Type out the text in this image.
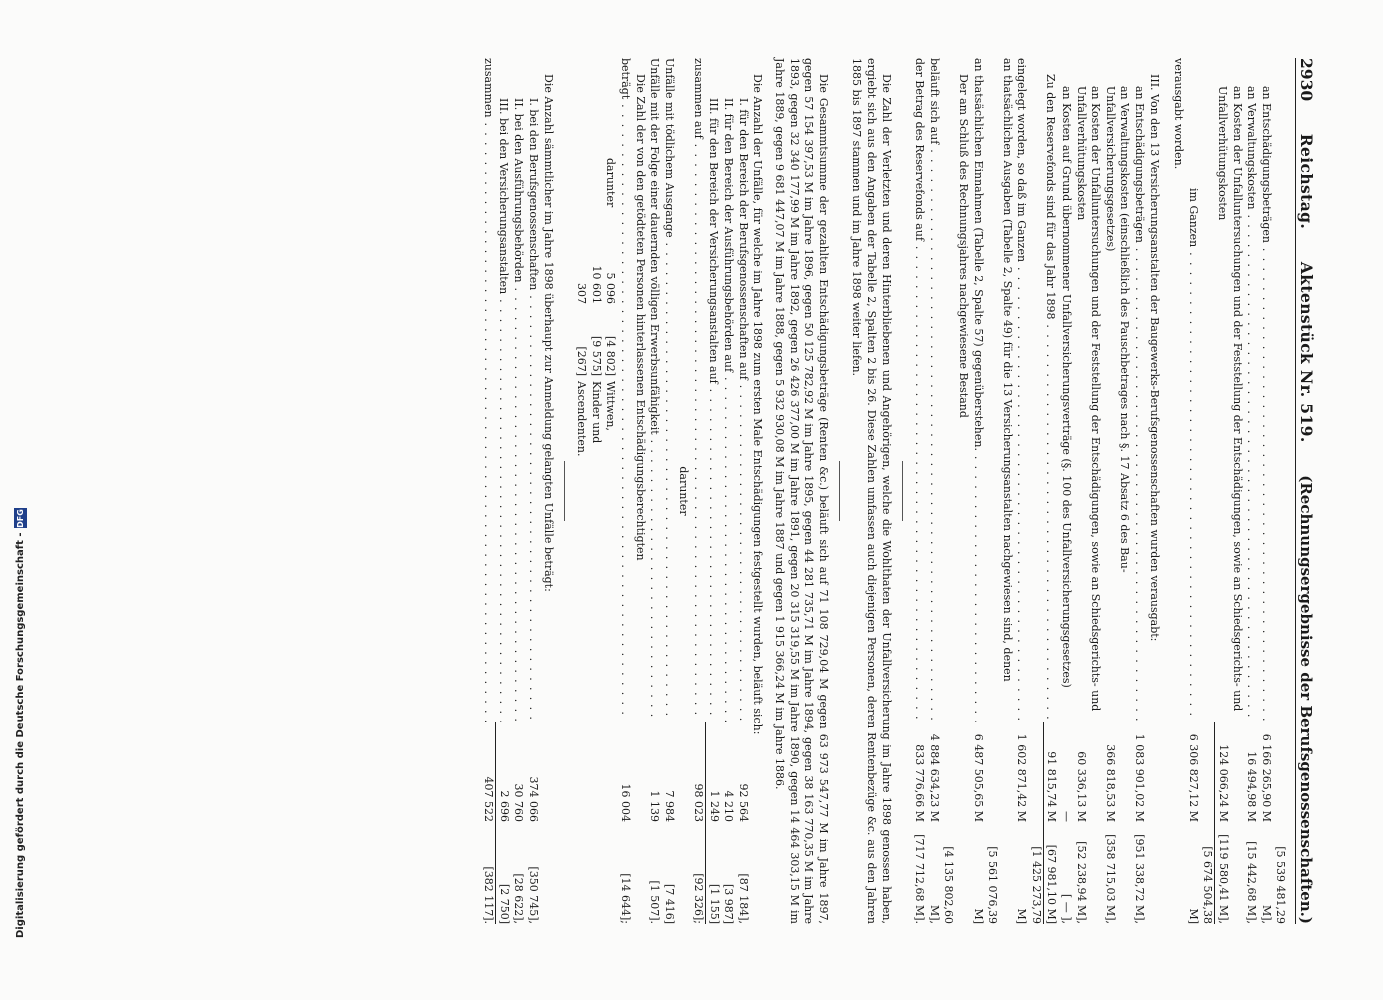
2930
Reichstag.
Aktenstück Nr. 519.
(Rechnungsergebnisse der Berufsgenossenschaften.)
an Entschädigungsbeträgen . . .
6 166 265,90 M
[5 539 481,29 M],
an Verwaltungskosten . . .
16 494,98 M
[15 442,68 M],
an Kosten der Unfalluntersuchungen und der Feststellung der Entschädigungen, sowie an Schiedsgerichts- und Unfallverhütungskosten
124 066,24 M
[119 580,41 M],
im Ganzen . . .
6 306 827,12 M
[5 674 504,38 M]
verausgabt worden.

III. Von den 13 Versicherungsanstalten der Baugewerks-Berufsgenossenschaften wurden verausgabt:

an Entschädigungsbeträgen . . .
1 083 901,02 M
[951 338,72 M],
an Verwaltungskosten (einschließlich des Pauschbetrages nach §. 17 Absatz 6 des Bau-Unfallversicherungsgesetzes)
366 818,53 M
[358 715,03 M],
an Kosten der Unfalluntersuchungen und der Feststellung der Entschädigungen, sowie an Schiedsgerichts- und Unfallverhütungskosten
60 336,13 M
[52 238,94 M],
an Kosten auf Grund übernommener Unfallversicherungsverträge (§. 100 des Unfallversicherungsgesetzes)
—
[ — ],
Zu den Reservefonds sind für das Jahr 1898 . . .
91 815,74 M
[67 981,10 M]
eingelegt worden, so daß im Ganzen . . .
1 602 871,42 M
[1 425 273,79 M]
an thatsächlichen Ausgaben (Tabelle 2, Spalte 49) für die 13 Versicherungsanstalten nachgewiesen sind, denen
an thatsächlichen Einnahmen (Tabelle 2, Spalte 57) gegenüberstehen. . . .
6 487 505,65 M
[5 561 076,39 M]
Der am Schluß des Rechnungsjahres nachgewiesene Bestand
beläuft sich auf . . .
4 884 634,23 M
[4 135 802,60 M],
der Betrag des Reservefonds auf . . .
833 776,66 M
[717 712,68 M].

Die Zahl der Verletzten und deren Hinterbliebenen und Angehörigen, welche die Wohlthaten der Unfallversicherung im Jahre 1898 genossen haben, ergiebt sich aus den Angaben der Tabelle 2, Spalten 2 bis 26. Diese Zahlen umfassen auch diejenigen Personen, deren Rentenbezüge &c. aus den Jahren 1885 bis 1897 stammen und im Jahre 1898 weiter liefen.

Die Gesammtsumme der gezahlten Entschädigungsbeträge (Renten &c.) beläuft sich auf 71 108 729,04 M gegen 63 973 547,77 M im Jahre 1897, gegen 57 154 397,53 M im Jahre 1896, gegen 50 125 782,92 M im Jahre 1895, gegen 44 281 735,71 M im Jahre 1894, gegen 38 163 770,35 M im Jahre 1893, gegen 32 340 177,99 M im Jahre 1892, gegen 26 426 377,00 M im Jahre 1891, gegen 20 315 319,55 M im Jahre 1890, gegen 14 464 303,15 M im Jahre 1889, gegen 9 681 447,07 M im Jahre 1888, gegen 5 932 930,08 M im Jahre 1887 und gegen 1 915 366,24 M im Jahre 1886.

Die Anzahl der Unfälle, für welche im Jahre 1898 zum ersten Male Entschädigungen festgestellt wurden, beläuft sich:

I. für den Bereich der Berufsgenossenschaften auf . . .
92 564
[87 184],
II. für den Bereich der Ausführungsbehörden auf . . .
4 210
[3 987]
III. für den Bereich der Versicherungsanstalten auf . . .
1 249
[1 155]
zusammen auf . . .
98 023
[92 326];
darunter
Unfälle mit tödlichem Ausgange . . .
7 984
[7 416]
Unfälle mit der Folge einer dauernden völligen Erwerbsunfähigkeit . . .
1 139
[1 507].
Die Zahl der von den getödteten Personen hinterlassenen Entschädigungsberechtigten
beträgt . . .
16 004
[14 644];
darunter
5 096
[4 802]
Wittwen,
10 601
[9 575]
Kinder und
307
[267]
Ascendenten.

Die Anzahl sämmtlicher im Jahre 1898 überhaupt zur Anmeldung gelangten Unfälle beträgt:

I. bei den Berufsgenossenschaften . . .
374 066
[350 745],
II. bei den Ausführungsbehörden . . .
30 760
[28 622],
III. bei den Versicherungsanstalten . . .
2 696
[2 750]
zusammen . . .
407 522
[382 117].
Digitalisierung gefördert durch die Deutsche Forschungsgemeinschaft -
DFG
